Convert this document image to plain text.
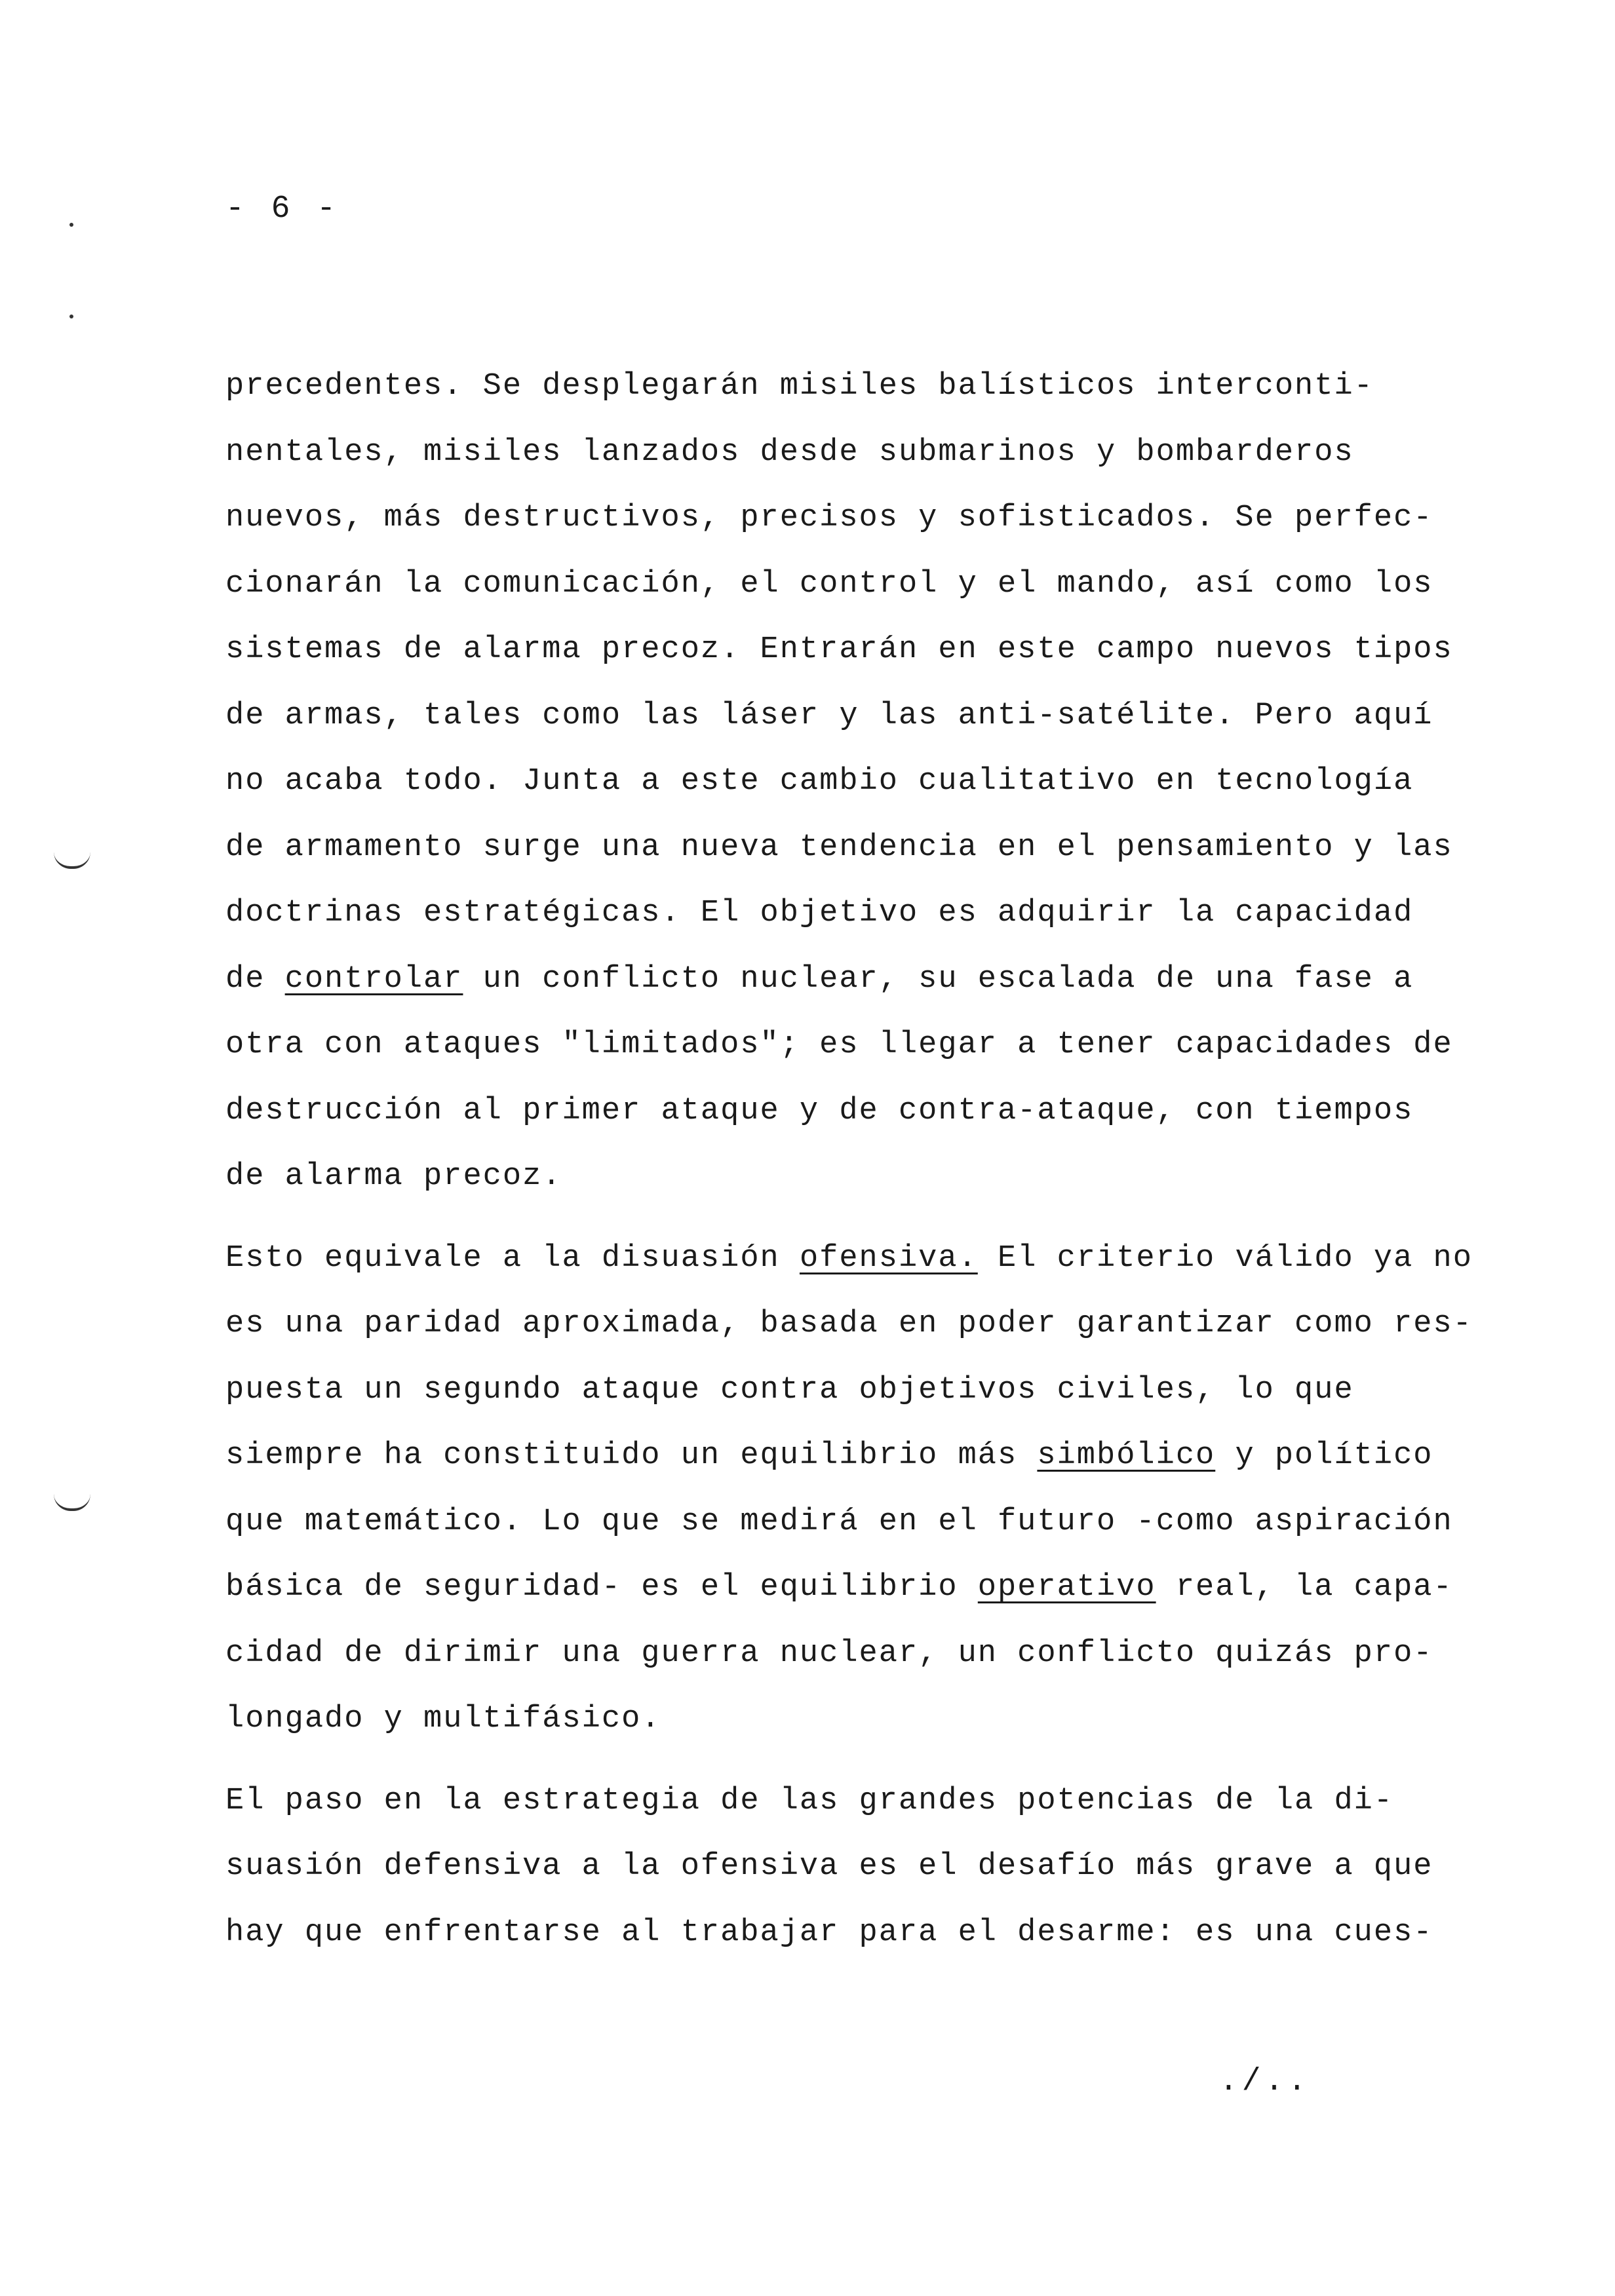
- 6 -

precedentes. Se desplegarán misiles balísticos interconti-
nentales, misiles lanzados desde submarinos y bombarderos
nuevos, más destructivos, precisos y sofisticados. Se perfec-
cionarán la comunicación, el control y el mando, así como los
sistemas de alarma precoz. Entrarán en este campo nuevos tipos
de armas, tales como las láser y las anti-satélite. Pero aquí
no acaba todo. Junta a este cambio cualitativo en tecnología
de armamento surge una nueva tendencia en el pensamiento y las
doctrinas estratégicas. El objetivo es adquirir la capacidad
de controlar un conflicto nuclear, su escalada de una fase a
otra con ataques "limitados"; es llegar a tener capacidades de
destrucción al primer ataque y de contra-ataque, con tiempos
de alarma precoz.

Esto equivale a la disuasión ofensiva. El criterio válido ya no
es una paridad aproximada, basada en poder garantizar como res-
puesta un segundo ataque contra objetivos civiles, lo que
siempre ha constituido un equilibrio más simbólico y político
que matemático. Lo que se medirá en el futuro -como aspiración
básica de seguridad- es el equilibrio operativo real, la capa-
cidad de dirimir una guerra nuclear, un conflicto quizás pro-
longado y multifásico.

El paso en la estrategia de las grandes potencias de la di-
suasión defensiva a la ofensiva es el desafío más grave a que
hay que enfrentarse al trabajar para el desarme: es una cues-

./..
